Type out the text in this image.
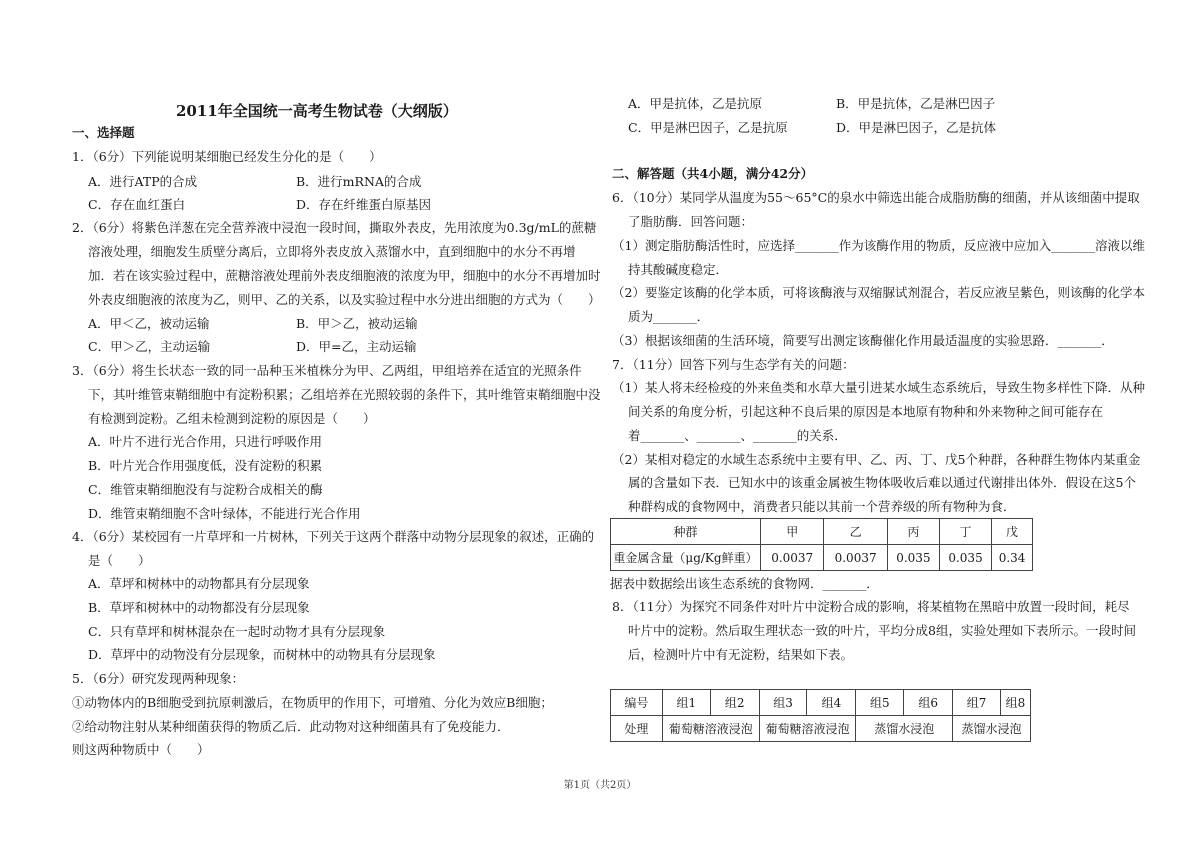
2011年全国统一高考生物试卷（大纲版）
一、选择题
1．（6分）下列能说明某细胞已经发生分化的是（　　）
A．进行ATP的合成	B．进行mRNA的合成
C．存在血红蛋白	D．存在纤维蛋白原基因
2．（6分）将紫色洋葱在完全营养液中浸泡一段时间，撕取外表皮，先用浓度为0.3g/mL的蔗糖
溶液处理，细胞发生质壁分离后，立即将外表皮放入蒸馏水中，直到细胞中的水分不再增
加．若在该实验过程中，蔗糖溶液处理前外表皮细胞液的浓度为甲，细胞中的水分不再增加时
外表皮细胞液的浓度为乙，则甲、乙的关系，以及实验过程中水分进出细胞的方式为（　　）
A．甲＜乙，被动运输	B．甲＞乙，被动运输
C．甲＞乙，主动运输	D．甲=乙，主动运输
3．（6分）将生长状态一致的同一品种玉米植株分为甲、乙两组，甲组培养在适宜的光照条件
下，其叶维管束鞘细胞中有淀粉积累；乙组培养在光照较弱的条件下，其叶维管束鞘细胞中没
有检测到淀粉。乙组未检测到淀粉的原因是（　　）
A．叶片不进行光合作用，只进行呼吸作用
B．叶片光合作用强度低，没有淀粉的积累
C．维管束鞘细胞没有与淀粉合成相关的酶
D．维管束鞘细胞不含叶绿体，不能进行光合作用
4．（6分）某校园有一片草坪和一片树林，下列关于这两个群落中动物分层现象的叙述，正确的
是（　　）
A．草坪和树林中的动物都具有分层现象
B．草坪和树林中的动物都没有分层现象
C．只有草坪和树林混杂在一起时动物才具有分层现象
D．草坪中的动物没有分层现象，而树林中的动物具有分层现象
5．（6分）研究发现两种现象：
①动物体内的B细胞受到抗原刺激后，在物质甲的作用下，可增殖、分化为效应B细胞；
②给动物注射从某种细菌获得的物质乙后．此动物对这种细菌具有了免疫能力．
则这两种物质中（　　）
A．甲是抗体，乙是抗原	B．甲是抗体，乙是淋巴因子
C．甲是淋巴因子，乙是抗原	D．甲是淋巴因子，乙是抗体
二、解答题（共4小题，满分42分）
6．（10分）某同学从温度为55～65°C的泉水中筛选出能合成脂肪酶的细菌，并从该细菌中提取
了脂肪酶．回答问题：
（1）测定脂肪酶活性时，应选择_______作为该酶作用的物质，反应液中应加入_______溶液以维
持其酸碱度稳定．
（2）要鉴定该酶的化学本质，可将该酶液与双缩脲试剂混合，若反应液呈紫色，则该酶的化学本
质为_______．
（3）根据该细菌的生活环境，简要写出测定该酶催化作用最适温度的实验思路．_______．
7．（11分）回答下列与生态学有关的问题：
（1）某人将未经检疫的外来鱼类和水草大量引进某水域生态系统后，导致生物多样性下降．从种
间关系的角度分析，引起这种不良后果的原因是本地原有物种和外来物种之间可能存在
着_______、_______、_______的关系．
（2）某相对稳定的水域生态系统中主要有甲、乙、丙、丁、戊5个种群，各种群生物体内某重金
属的含量如下表．已知水中的该重金属被生物体吸收后难以通过代谢排出体外．假设在这5个
种群构成的食物网中，消费者只能以其前一个营养级的所有物种为食．
种群	甲	乙	丙	丁	戊
重金属含量（μg/Kg鲜重）	0.0037	0.0037	0.035	0.035	0.34
据表中数据绘出该生态系统的食物网．_______．
8．（11分）为探究不同条件对叶片中淀粉合成的影响，将某植物在黑暗中放置一段时间，耗尽
叶片中的淀粉。然后取生理状态一致的叶片，平均分成8组，实验处理如下表所示。一段时间
后，检测叶片中有无淀粉，结果如下表。
编号	组1	组2	组3	组4	组5	组6	组7	组8
处理	葡萄糖溶液浸泡		葡萄糖溶液浸泡		蒸馏水浸泡		蒸馏水浸泡	
第1页（共2页）
